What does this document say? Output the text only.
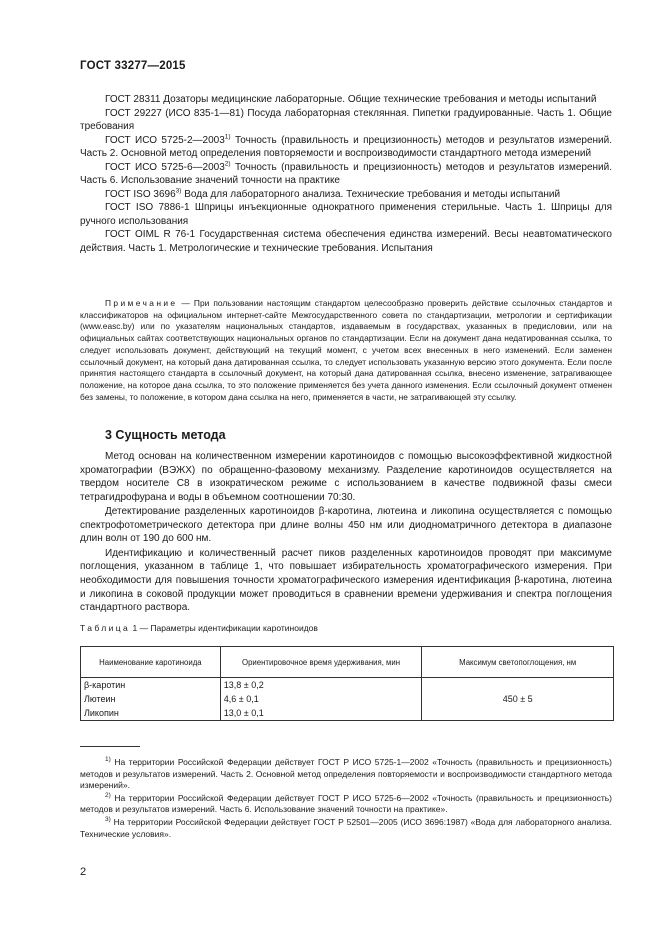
ГОСТ 33277—2015

ГОСТ 28311 Дозаторы медицинские лабораторные. Общие технические требования и методы испытаний

ГОСТ 29227 (ИСО 835-1—81) Посуда лабораторная стеклянная. Пипетки градуированные. Часть 1. Общие требования

ГОСТ ИСО 5725-2—2003$^{1)}$ Точность (правильность и прецизионность) методов и результатов измерений. Часть 2. Основной метод определения повторяемости и воспроизводимости стандартного метода измерений

ГОСТ ИСО 5725-6—2003$^{2)}$ Точность (правильность и прецизионность) методов и результатов измерений. Часть 6. Использование значений точности на практике

ГОСТ ISO 3696$^{3)}$ Вода для лабораторного анализа. Технические требования и методы испытаний

ГОСТ ISO 7886-1 Шприцы инъекционные однократного применения стерильные. Часть 1. Шприцы для ручного использования

ГОСТ OIML R 76-1 Государственная система обеспечения единства измерений. Весы неавтоматического действия. Часть 1. Метрологические и технические требования. Испытания

Примечание — При пользовании настоящим стандартом целесообразно проверить действие ссылочных стандартов и классификаторов на официальном интернет-сайте Межгосударственного совета по стандартизации, метрологии и сертификации (www.easc.by) или по указателям национальных стандартов, издаваемым в государствах, указанных в предисловии, или на официальных сайтах соответствующих национальных органов по стандартизации. Если на документ дана недатированная ссылка, то следует использовать документ, действующий на текущий момент, с учетом всех внесенных в него изменений. Если заменен ссылочный документ, на который дана датированная ссылка, то следует использовать указанную версию этого документа. Если после принятия настоящего стандарта в ссылочный документ, на который дана датированная ссылка, внесено изменение, затрагивающее положение, на которое дана ссылка, то это положение применяется без учета данного изменения. Если ссылочный документ отменен без замены, то положение, в котором дана ссылка на него, применяется в части, не затрагивающей эту ссылку.
3 Сущность метода

Метод основан на количественном измерении каротиноидов с помощью высокоэффективной жидкостной хроматографии (ВЭЖХ) по обращенно-фазовому механизму. Разделение каротиноидов осуществляется на твердом носителе С8 в изократическом режиме с использованием в качестве подвижной фазы смеси тетрагидрофурана и воды в объемном соотношении 70:30.

Детектирование разделенных каротиноидов β-каротина, лютеина и ликопина осуществляется с помощью спектрофотометрического детектора при длине волны 450 нм или диодноматричного детектора в диапазоне длин волн от 190 до 600 нм.

Идентификацию и количественный расчет пиков разделенных каротиноидов проводят при максимуме поглощения, указанном в таблице 1, что повышает избирательность хроматографического измерения. При необходимости для повышения точности хроматографического измерения идентификация β-каротина, лютеина и ликопина в соковой продукции может проводиться в сравнении времени удерживания и спектра поглощения стандартного раствора.

Таблица 1 — Параметры идентификации каротиноидов
Наименование каротиноида	Ориентировочное время удерживания, мин	Максимум светопоглощения, нм
β-каротин	13,8 ± 0,2	450 ± 5
Лютеин	4,6 ± 0,1	
Ликопин	13,0 ± 0,1	

$^{1)}$ На территории Российской Федерации действует ГОСТ Р ИСО 5725-1—2002 «Точность (правильность и прецизионность) методов и результатов измерений. Часть 2. Основной метод определения повторяемости и воспроизводимости стандартного метода измерений».

$^{2)}$ На территории Российской Федерации действует ГОСТ Р ИСО 5725-6—2002 «Точность (правильность и прецизионность) методов и результатов измерений. Часть 6. Использование значений точности на практике».

$^{3)}$ На территории Российской Федерации действует ГОСТ Р 52501—2005 (ИСО 3696:1987) «Вода для лабораторного анализа. Технические условия».

2
